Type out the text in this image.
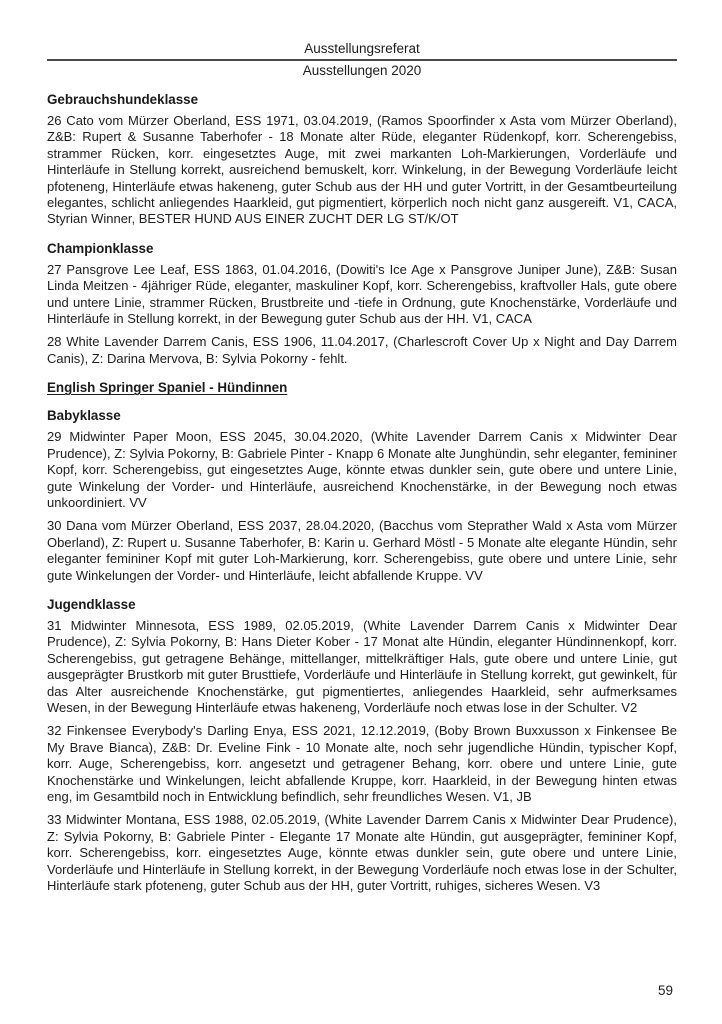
Ausstellungsreferat
Ausstellungen 2020
Gebrauchshundeklasse

26 Cato vom Mürzer Oberland, ESS 1971, 03.04.2019, (Ramos Spoorfinder x Asta vom Mürzer Oberland), Z&B: Rupert & Susanne Taberhofer - 18 Monate alter Rüde, eleganter Rüdenkopf, korr. Scherengebiss, strammer Rücken, korr. eingesetztes Auge, mit zwei markanten Loh-Markierungen, Vorderläufe und Hinterläufe in Stellung korrekt, ausreichend bemuskelt, korr. Winkelung, in der Bewegung Vorderläufe leicht pfoteneng, Hinterläufe etwas hakeneng, guter Schub aus der HH und guter Vortritt, in der Gesamtbeurteilung elegantes, schlicht anliegendes Haarkleid, gut pigmentiert, körperlich noch nicht ganz ausgereift. V1, CACA, Styrian Winner, BESTER HUND AUS EINER ZUCHT DER LG ST/K/OT

Championklasse

27 Pansgrove Lee Leaf, ESS 1863, 01.04.2016, (Dowiti's Ice Age x Pansgrove Juniper June), Z&B: Susan Linda Meitzen - 4jähriger Rüde, eleganter, maskuliner Kopf, korr. Scherengebiss, kraftvoller Hals, gute obere und untere Linie, strammer Rücken, Brustbreite und -tiefe in Ordnung, gute Knochenstärke, Vorderläufe und Hinterläufe in Stellung korrekt, in der Bewegung guter Schub aus der HH. V1, CACA

28 White Lavender Darrem Canis, ESS 1906, 11.04.2017, (Charlescroft Cover Up x Night and Day Darrem Canis), Z: Darina Mervova, B: Sylvia Pokorny - fehlt.

English Springer Spaniel - Hündinnen
Babyklasse

29 Midwinter Paper Moon, ESS 2045, 30.04.2020, (White Lavender Darrem Canis x Midwinter Dear Prudence), Z: Sylvia Pokorny, B: Gabriele Pinter - Knapp 6 Monate alte Junghündin, sehr eleganter, femininer Kopf, korr. Scherengebiss, gut eingesetztes Auge, könnte etwas dunkler sein, gute obere und untere Linie, gute Winkelung der Vorder- und Hinterläufe, ausreichend Knochenstärke, in der Bewegung noch etwas unkoordiniert. VV

30 Dana vom Mürzer Oberland, ESS 2037, 28.04.2020, (Bacchus vom Steprather Wald x Asta vom Mürzer Oberland), Z: Rupert u. Susanne Taberhofer, B: Karin u. Gerhard Möstl - 5 Monate alte elegante Hündin, sehr eleganter femininer Kopf mit guter Loh-Markierung, korr. Scherengebiss, gute obere und untere Linie, sehr gute Winkelungen der Vorder- und Hinterläufe, leicht abfallende Kruppe. VV

Jugendklasse

31 Midwinter Minnesota, ESS 1989, 02.05.2019, (White Lavender Darrem Canis x Midwinter Dear Prudence), Z: Sylvia Pokorny, B: Hans Dieter Kober - 17 Monat alte Hündin, eleganter Hündinnenkopf, korr. Scherengebiss, gut getragene Behänge, mittellanger, mittelkräftiger Hals, gute obere und untere Linie, gut ausgeprägter Brustkorb mit guter Brusttiefe, Vorderläufe und Hinterläufe in Stellung korrekt, gut gewinkelt, für das Alter ausreichende Knochenstärke, gut pigmentiertes, anliegendes Haarkleid, sehr aufmerksames Wesen, in der Bewegung Hinterläufe etwas hakeneng, Vorderläufe noch etwas lose in der Schulter. V2

32 Finkensee Everybody's Darling Enya, ESS 2021, 12.12.2019, (Boby Brown Buxxusson x Finkensee Be My Brave Bianca), Z&B: Dr. Eveline Fink - 10 Monate alte, noch sehr jugendliche Hündin, typischer Kopf, korr. Auge, Scherengebiss, korr. angesetzt und getragener Behang, korr. obere und untere Linie, gute Knochenstärke und Winkelungen, leicht abfallende Kruppe, korr. Haarkleid, in der Bewegung hinten etwas eng, im Gesamtbild noch in Entwicklung befindlich, sehr freundliches Wesen. V1, JB

33 Midwinter Montana, ESS 1988, 02.05.2019, (White Lavender Darrem Canis x Midwinter Dear Prudence), Z: Sylvia Pokorny, B: Gabriele Pinter - Elegante 17 Monate alte Hündin, gut ausgeprägter, femininer Kopf, korr. Scherengebiss, korr. eingesetztes Auge, könnte etwas dunkler sein, gute obere und untere Linie, Vorderläufe und Hinterläufe in Stellung korrekt, in der Bewegung Vorderläufe noch etwas lose in der Schulter, Hinterläufe stark pfoteneng, guter Schub aus der HH, guter Vortritt, ruhiges, sicheres Wesen. V3

59
